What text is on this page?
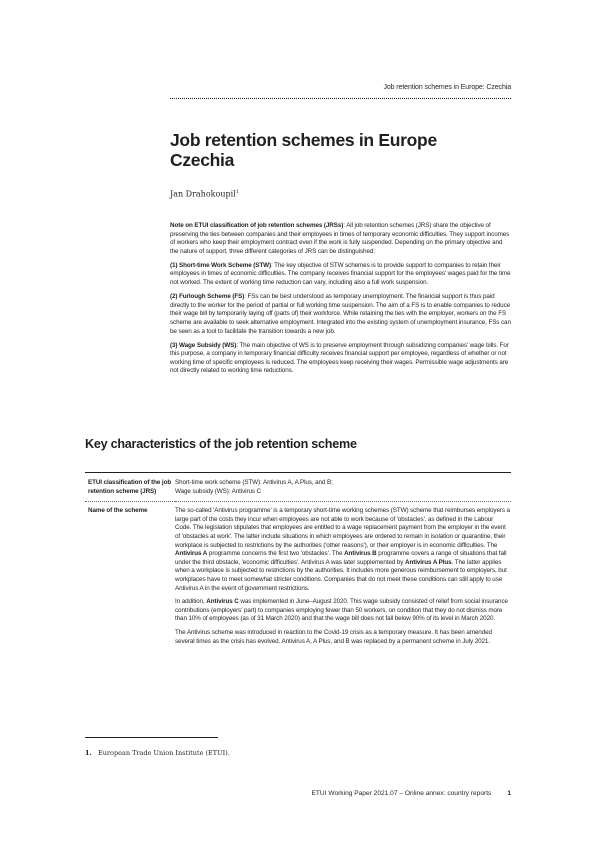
Job retention schemes in Europe: Czechia
Job retention schemes in Europe
Czechia
Jan Drahokoupil$^1$

Note on ETUI classification of job retention schemes (JRSs): All job retention schemes (JRS) share the objective of preserving the ties between companies and their employees in times of temporary economic difficulties. They support incomes of workers who keep their employment contract even if the work is fully suspended. Depending on the primary objective and the nature of support, three different categories of JRS can be distinguished:

(1) Short-time Work Scheme (STW): The key objective of STW schemes is to provide support to companies to retain their employees in times of economic difficulties. The company receives financial support for the employees' wages paid for the time not worked. The extent of working time reduction can vary, including also a full work suspension.

(2) Furlough Scheme (FS): FSs can be best understood as temporary unemployment. The financial support is thus paid directly to the worker for the period of partial or full working time suspension. The aim of a FS is to enable companies to reduce their wage bill by temporarily laying off (parts of) their workforce. While retaining the ties with the employer, workers on the FS scheme are available to seek alternative employment. Integrated into the existing system of unemployment insurance, FSs can be seen as a tool to facilitate the transition towards a new job.

(3) Wage Subsidy (WS): The main objective of WS is to preserve employment through subsidizing companies' wage bills. For this purpose, a company in temporary financial difficulty receives financial support per employee, regardless of whether or not working time of specific employees is reduced. The employees keep receiving their wages. Permissible wage adjustments are not directly related to working time reductions.

Key characteristics of the job retention scheme
ETUI classification of the job retention scheme (JRS)	Short-time work scheme (STW): Antivirus A, A Plus, and B;
Wage subsidy (WS): Antivirus C

Name of the scheme	The so-called 'Antivirus programme' is a temporary short-time working schemes (STW) scheme that reimburses employers a large part of the costs they incur when employees are not able to work because of 'obstacles', as defined in the Labour Code. The legislation stipulates that employees are entitled to a wage replacement payment from the employer in the event of 'obstacles at work'. The latter include situations in which employees are ordered to remain in isolation or quarantine, their workplace is subjected to restrictions by the authorities ('other reasons'), or their employer is in economic difficulties. The Antivirus A programme concerns the first two 'obstacles'. The Antivirus B programme covers a range of situations that fall under the third obstacle, 'economic difficulties'. Antivirus A was later supplemented by Antivirus A Plus. The latter applies when a workplace is subjected to restrictions by the authorities. It includes more generous reimbursement to employers, but workplaces have to meet somewhat stricter conditions. Companies that do not meet these conditions can still apply to use Antivirus A in the event of government restrictions.

In addition, Antivirus C was implemented in June–August 2020. This wage subsidy consisted of relief from social insurance contributions (employers' part) to companies employing fewer than 50 workers, on condition that they do not dismiss more than 10% of employees (as of 31 March 2020) and that the wage bill does not fall below 90% of its level in March 2020.

The Antivirus scheme was introduced in reaction to the Covid-19 crisis as a temporary measure. It has been amended several times as the crisis has evolved. Antivirus A, A Plus, and B was replaced by a permanent scheme in July 2021.

1. European Trade Union Institute (ETUI).
ETUI Working Paper 2021.07 – Online annex: country reports 1
